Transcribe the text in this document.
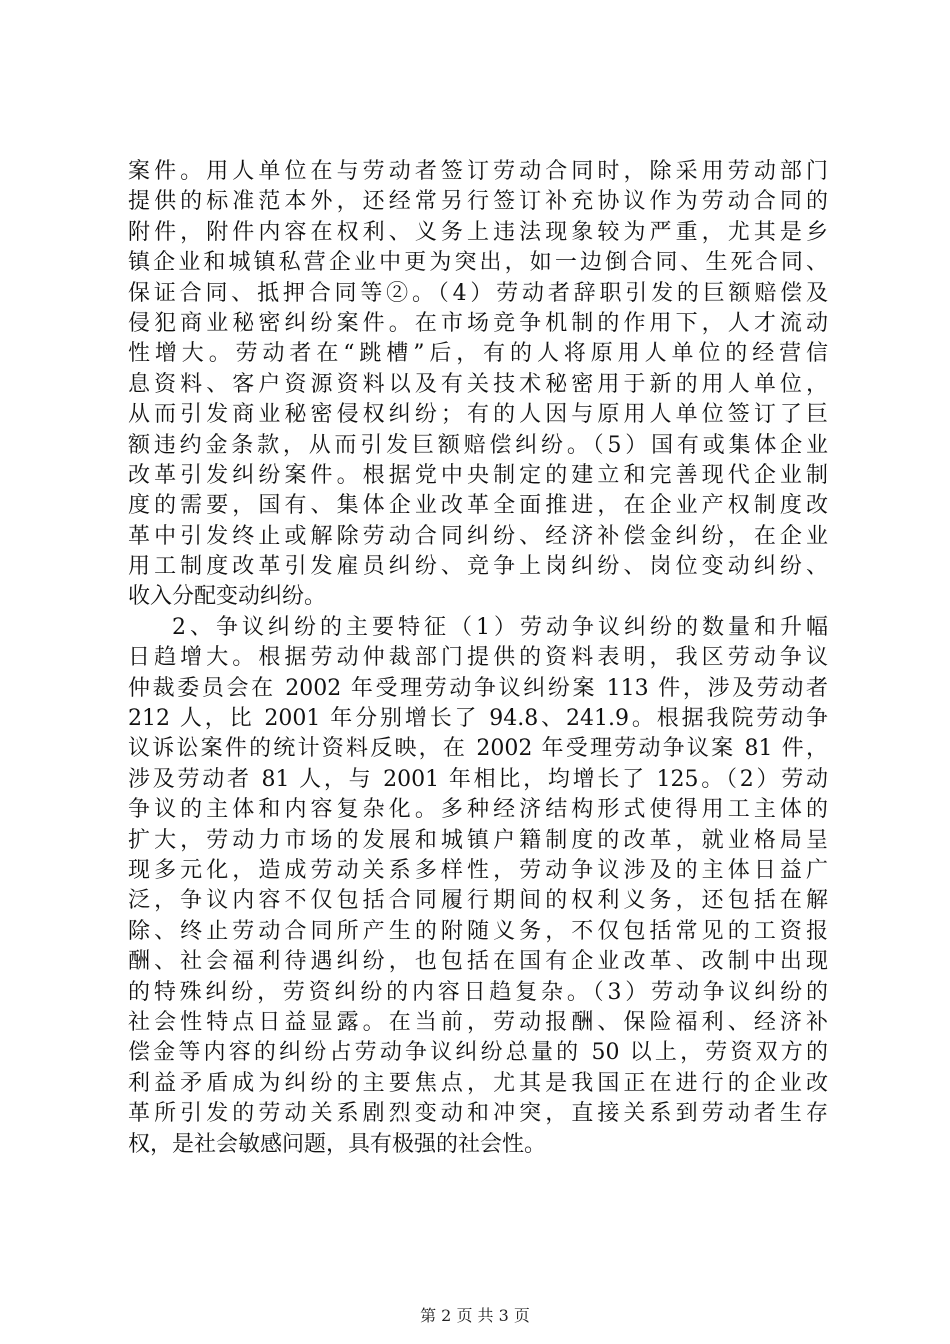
案件。用人单位在与劳动者签订劳动合同时，除采用劳动部门
提供的标准范本外，还经常另行签订补充协议作为劳动合同的
附件，附件内容在权利、义务上违法现象较为严重，尤其是乡
镇企业和城镇私营企业中更为突出，如一边倒合同、生死合同、
保证合同、抵押合同等②。（4）劳动者辞职引发的巨额赔偿及
侵犯商业秘密纠纷案件。在市场竞争机制的作用下，人才流动
性增大。劳动者在“跳槽”后，有的人将原用人单位的经营信
息资料、客户资源资料以及有关技术秘密用于新的用人单位，
从而引发商业秘密侵权纠纷；有的人因与原用人单位签订了巨
额违约金条款，从而引发巨额赔偿纠纷。（5）国有或集体企业
改革引发纠纷案件。根据党中央制定的建立和完善现代企业制
度的需要，国有、集体企业改革全面推进，在企业产权制度改
革中引发终止或解除劳动合同纠纷、经济补偿金纠纷，在企业
用工制度改革引发雇员纠纷、竞争上岗纠纷、岗位变动纠纷、
收入分配变动纠纷。
2、争议纠纷的主要特征（1）劳动争议纠纷的数量和升幅
日趋增大。根据劳动仲裁部门提供的资料表明，我区劳动争议
仲裁委员会在 2002 年受理劳动争议纠纷案 113 件，涉及劳动者
212 人，比 2001 年分别增长了 94.8、241.9。根据我院劳动争
议诉讼案件的统计资料反映，在 2002 年受理劳动争议案 81 件，
涉及劳动者 81 人，与 2001 年相比，均增长了 125。（2）劳动
争议的主体和内容复杂化。多种经济结构形式使得用工主体的
扩大，劳动力市场的发展和城镇户籍制度的改革，就业格局呈
现多元化，造成劳动关系多样性，劳动争议涉及的主体日益广
泛，争议内容不仅包括合同履行期间的权利义务，还包括在解
除、终止劳动合同所产生的附随义务，不仅包括常见的工资报
酬、社会福利待遇纠纷，也包括在国有企业改革、改制中出现
的特殊纠纷，劳资纠纷的内容日趋复杂。（3）劳动争议纠纷的
社会性特点日益显露。在当前，劳动报酬、保险福利、经济补
偿金等内容的纠纷占劳动争议纠纷总量的 50 以上，劳资双方的
利益矛盾成为纠纷的主要焦点，尤其是我国正在进行的企业改
革所引发的劳动关系剧烈变动和冲突，直接关系到劳动者生存
权，是社会敏感问题，具有极强的社会性。
第 2 页 共 3 页
